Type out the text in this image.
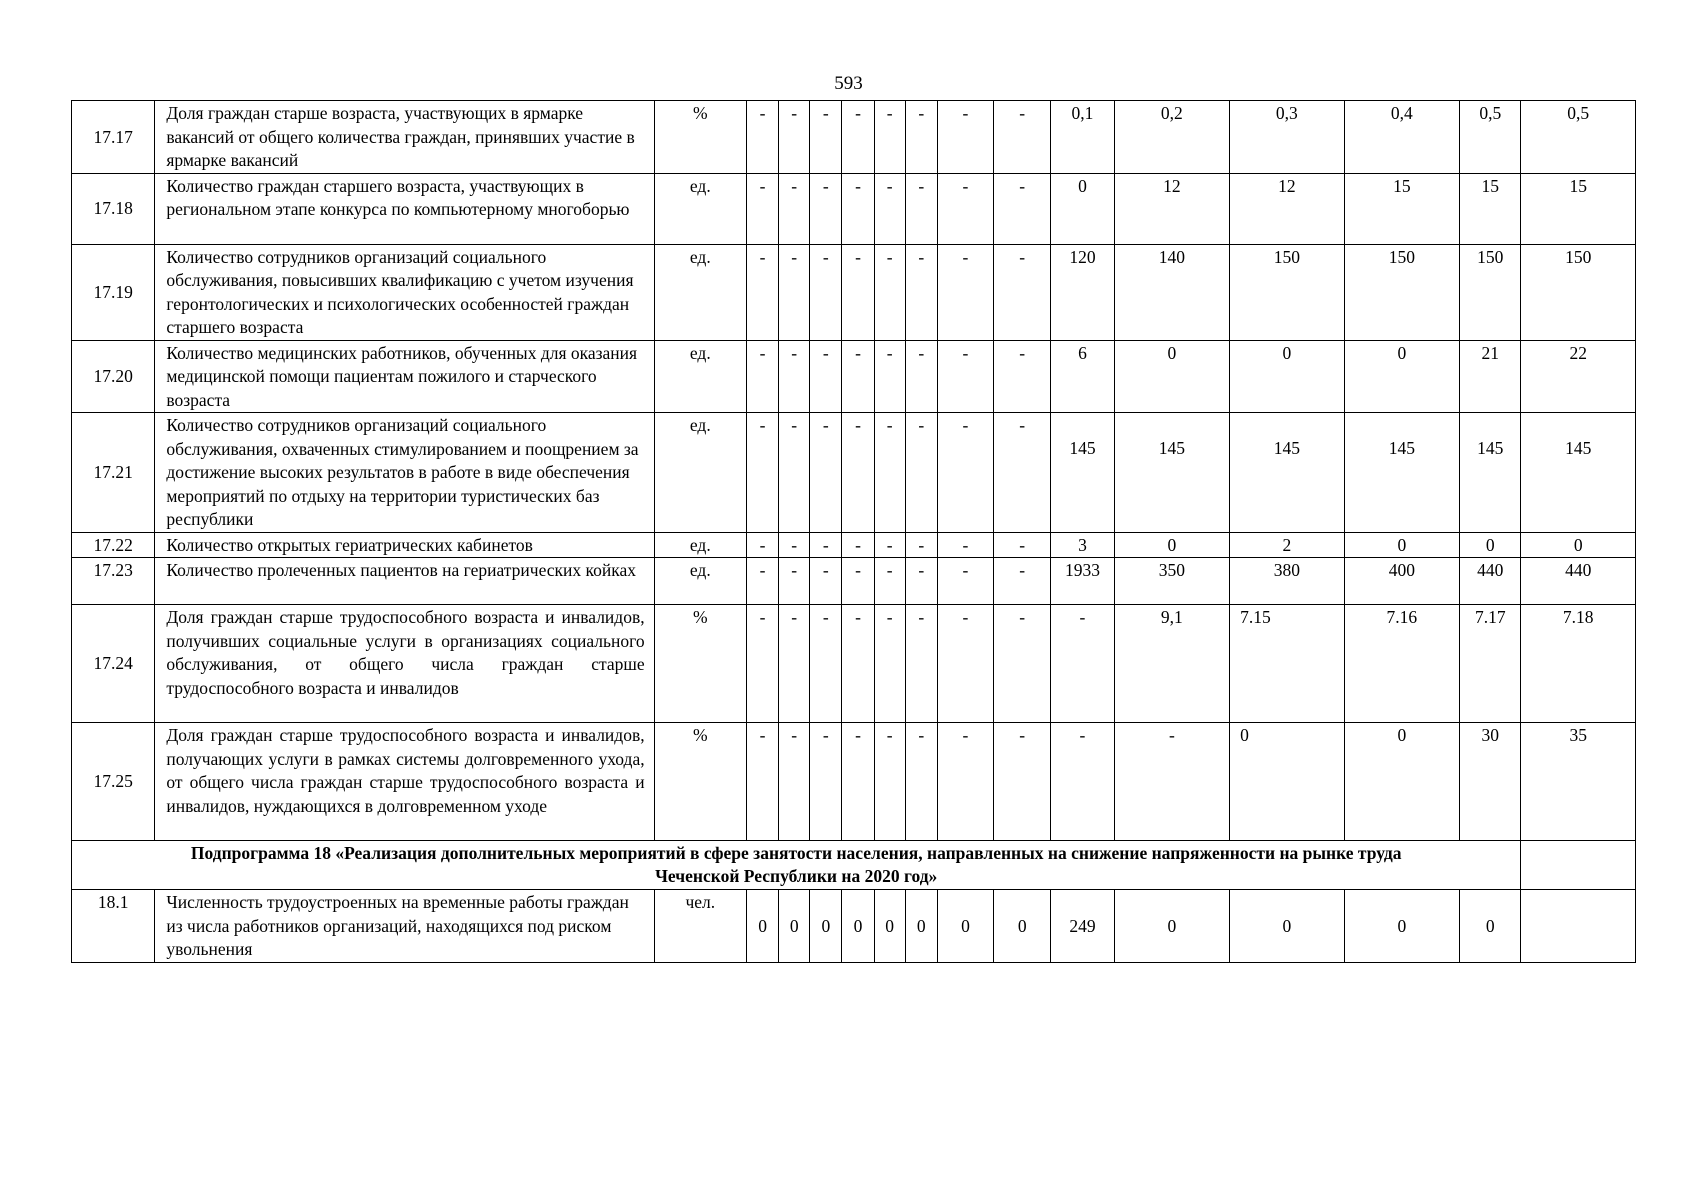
593
17.17	Доля граждан старше возраста, участвующих в ярмарке вакансий от общего количества граждан, принявших участие в ярмарке вакансий	%	-	-	-	-	-	-	-	-	0,1	0,2	0,3	0,4	0,5	0,5
17.18	Количество граждан старшего возраста, участвующих в региональном этапе конкурса по компьютерному многоборью	ед.	-	-	-	-	-	-	-	-	0	12	12	15	15	15
17.19	Количество сотрудников организаций социального обслуживания, повысивших квалификацию с учетом изучения геронтологических и психологических особенностей граждан старшего возраста	ед.	-	-	-	-	-	-	-	-	120	140	150	150	150	150
17.20	Количество медицинских работников, обученных для оказания медицинской помощи пациентам пожилого и старческого возраста	ед.	-	-	-	-	-	-	-	-	6	0	0	0	21	22
17.21	Количество сотрудников организаций социального обслуживания, охваченных стимулированием и поощрением за достижение высоких результатов в работе в виде обеспечения мероприятий по отдыху на территории туристических баз республики	ед.	-	-	-	-	-	-	-	-	145	145	145	145	145	145
17.22	Количество открытых гериатрических кабинетов	ед.	-	-	-	-	-	-	-	-	3	0	2	0	0	0
17.23	Количество пролеченных пациентов на гериатрических койках	ед.	-	-	-	-	-	-	-	-	1933	350	380	400	440	440
17.24	Доля граждан старше трудоспособного возраста и инвалидов, получивших социальные услуги в организациях социального обслуживания, от общего числа граждан старше трудоспособного возраста и инвалидов	%	-	-	-	-	-	-	-	-	-	9,1	7.15	7.16	7.17	7.18
17.25	Доля граждан старше трудоспособного возраста и инвалидов, получающих услуги в рамках системы долговременного ухода, от общего числа граждан старше трудоспособного возраста и инвалидов, нуждающихся в долговременном уходе	%	-	-	-	-	-	-	-	-	-	-	0	0	30	35

Подпрограмма 18 «Реализация дополнительных мероприятий в сфере занятости населения, направленных на снижение напряженности на рынке труда
Чеченской Республики на 2020 год»																

18.1	Численность трудоустроенных на временные работы граждан из числа работников организаций, находящихся под риском увольнения	чел.	0	0	0	0	0	0	0	0	249	0	0	0	0	
